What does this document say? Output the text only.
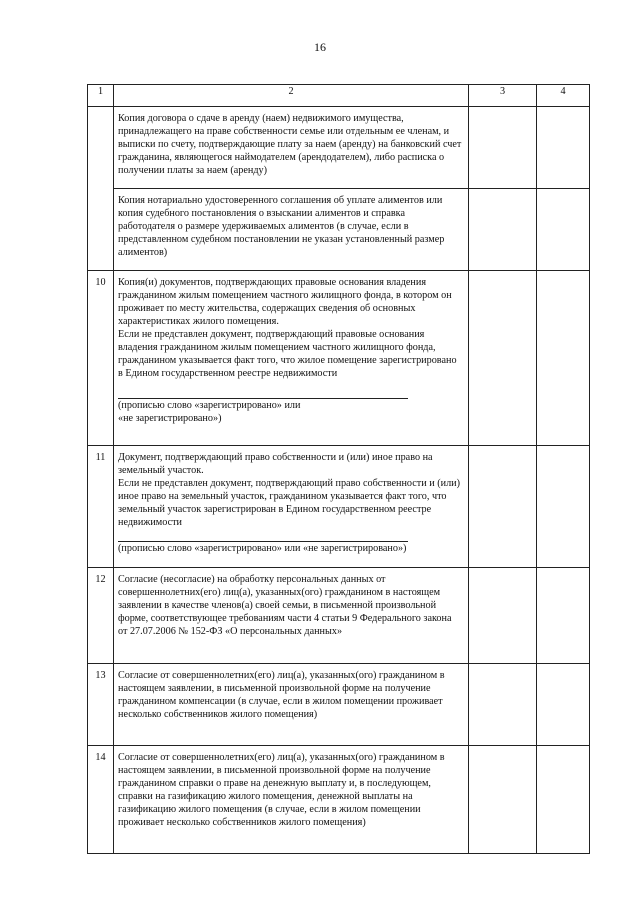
16
1	2	3	4

	Копия договора о сдаче в аренду (наем) недвижимого имущества, принадлежащего на праве собственности семье или отдельным ее членам, и выписки по счету, подтверждающие плату за наем (аренду) на банковский счет гражданина, являющегося наймодателем (арендодателем), либо расписка о получении платы за наем (аренду)		

	Копия нотариально удостоверенного соглашения об уплате алиментов или копия судебного постановления о взыскании алиментов и справка работодателя о размере удерживаемых алиментов (в случае, если в представленном судебном постановлении не указан установленный размер алиментов)		

10	Копия(и) документов, подтверждающих правовые основания владения гражданином жилым помещением частного жилищного фонда, в котором он проживает по месту жительства, содержащих сведения об основных характеристиках жилого помещения.

Если не представлен документ, подтверждающий правовые основания владения гражданином жилым помещением частного жилищного фонда, гражданином указывается факт того, что жилое помещение зарегистрировано в Едином государственном реестре недвижимости

(прописью слово «зарегистрировано» или

«не зарегистрировано»)		

11	Документ, подтверждающий право собственности и (или) иное право на земельный участок.

Если не представлен документ, подтверждающий право собственности и (или) иное право на земельный участок, гражданином указывается факт того, что земельный участок зарегистрирован в Едином государственном реестре недвижимости

(прописью слово «зарегистрировано» или «не зарегистрировано»)		

12	Согласие (несогласие) на обработку персональных данных от совершеннолетних(его) лиц(а), указанных(ого) гражданином в настоящем заявлении в качестве членов(а) своей семьи, в письменной произвольной форме, соответствующее требованиям части 4 статьи 9 Федерального закона от 27.07.2006 № 152-ФЗ «О персональных данных»		

13	Согласие от совершеннолетних(его) лиц(а), указанных(ого) гражданином в настоящем заявлении, в письменной произвольной форме на получение гражданином компенсации (в случае, если в жилом помещении проживает несколько собственников жилого помещения)		

14	Согласие от совершеннолетних(его) лиц(а), указанных(ого) гражданином в настоящем заявлении, в письменной произвольной форме на получение гражданином справки о праве на денежную выплату и, в последующем, справки на газификацию жилого помещения, денежной выплаты на газификацию жилого помещения (в случае, если в жилом помещении проживает несколько собственников жилого помещения)		
